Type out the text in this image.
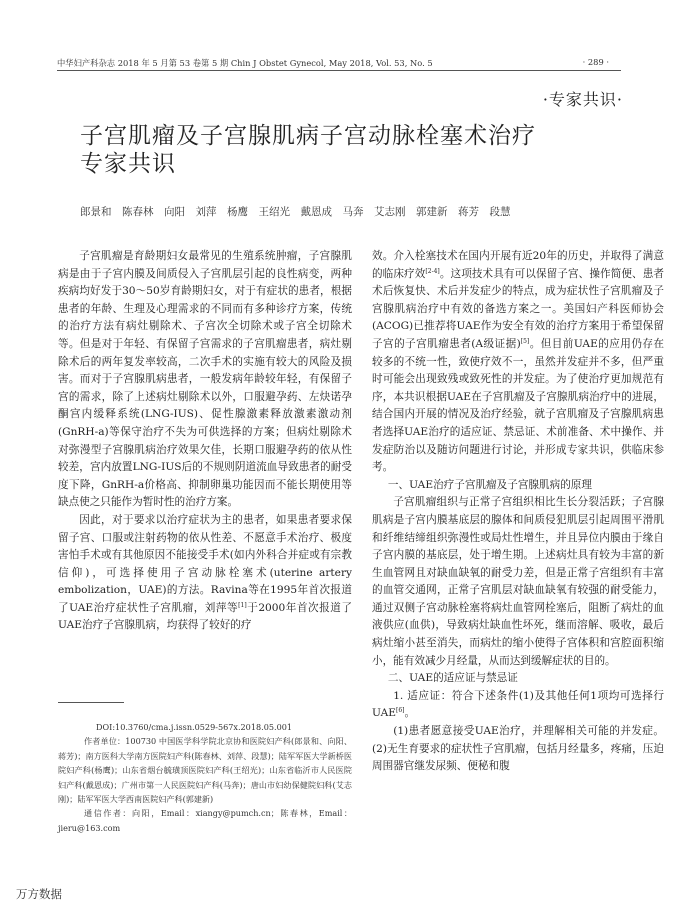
中华妇产科杂志 2018 年 5 月第 53 卷第 5 期 Chin J Obstet Gynecol, May 2018, Vol. 53, No. 5	· 289 ·
·专家共识·
子宫肌瘤及子宫腺肌病子宫动脉栓塞术治疗专家共识

郎景和　陈春林　向阳　刘萍　杨鹰　王绍光　戴恩成　马奔　艾志刚　郭建新　蒋芳　段慧

子宫肌瘤是育龄期妇女最常见的生殖系统肿瘤，子宫腺肌病是由于子宫内膜及间质侵入子宫肌层引起的良性病变，两种疾病均好发于30～50岁育龄期妇女，对于有症状的患者，根据患者的年龄、生理及心理需求的不同而有多种诊疗方案，传统的治疗方法有病灶剔除术、子宫次全切除术或子宫全切除术等。但是对于年轻、有保留子宫需求的子宫肌瘤患者，病灶剔除术后的两年复发率较高，二次手术的实施有较大的风险及损害。而对于子宫腺肌病患者，一般发病年龄较年轻，有保留子宫的需求，除了上述病灶剔除术以外，口服避孕药、左炔诺孕酮宫内缓释系统(LNG-IUS)、促性腺激素释放激素激动剂(GnRH-a)等保守治疗不失为可供选择的方案；但病灶剔除术对弥漫型子宫腺肌病治疗效果欠佳，长期口服避孕药的依从性较差，宫内放置LNG-IUS后的不规则阴道流血导致患者的耐受度下降，GnRH-a价格高、抑制卵巢功能因而不能长期使用等缺点使之只能作为暂时性的治疗方案。

因此，对于要求以治疗症状为主的患者，如果患者要求保留子宫、口服或注射药物的依从性差、不愿意手术治疗、极度害怕手术或有其他原因不能接受手术(如内外科合并症或有宗教信仰)，可选择使用子宫动脉栓塞术(uterine artery embolization，UAE)的方法。Ravina等在1995年首次报道了UAE治疗症状性子宫肌瘤，刘萍等[1]于2000年首次报道了UAE治疗子宫腺肌病，均获得了较好的疗

DOI:10.3760/cma.j.issn.0529-567x.2018.05.001

作者单位：100730 中国医学科学院北京协和医院妇产科(郎景和、向阳、蒋芳)；南方医科大学南方医院妇产科(陈春林、刘萍、段慧)；陆军军医大学新桥医院妇产科(杨鹰)；山东省烟台毓璜顶医院妇产科(王绍光)；山东省临沂市人民医院妇产科(戴恩成)；广州市第一人民医院妇产科(马奔)；唐山市妇幼保健院妇科(艾志刚)；陆军军医大学西南医院妇产科(郭建新)

通信作者：向阳，Email：xiangy@pumch.cn；陈春林，Email：jieru@163.com

效。介入栓塞技术在国内开展有近20年的历史，并取得了满意的临床疗效[2-4]。这项技术具有可以保留子宫、操作简便、患者术后恢复快、术后并发症少的特点，成为症状性子宫肌瘤及子宫腺肌病治疗中有效的备选方案之一。美国妇产科医师协会(ACOG)已推荐将UAE作为安全有效的治疗方案用于希望保留子宫的子宫肌瘤患者(A级证据)[5]。但目前UAE的应用仍存在较多的不统一性，致使疗效不一，虽然并发症并不多，但严重时可能会出现致残或致死性的并发症。为了使治疗更加规范有序，本共识根据UAE在子宫肌瘤及子宫腺肌病治疗中的进展，结合国内开展的情况及治疗经验，就子宫肌瘤及子宫腺肌病患者选择UAE治疗的适应证、禁忌证、术前准备、术中操作、并发症防治以及随访问题进行讨论，并形成专家共识，供临床参考。

一、UAE治疗子宫肌瘤及子宫腺肌病的原理

子宫肌瘤组织与正常子宫组织相比生长分裂活跃；子宫腺肌病是子宫内膜基底层的腺体和间质侵犯肌层引起周围平滑肌和纤维结缔组织弥漫性或局灶性增生，并且异位内膜由于缘自子宫内膜的基底层，处于增生期。上述病灶具有较为丰富的新生血管网且对缺血缺氧的耐受力差，但是正常子宫组织有丰富的血管交通网，正常子宫肌层对缺血缺氧有较强的耐受能力，通过双侧子宫动脉栓塞将病灶血管网栓塞后，阻断了病灶的血液供应(血供)，导致病灶缺血性坏死，继而溶解、吸收，最后病灶缩小甚至消失，而病灶的缩小使得子宫体积和宫腔面积缩小，能有效减少月经量，从而达到缓解症状的目的。

二、UAE的适应证与禁忌证

1. 适应证：符合下述条件(1)及其他任何1项均可选择行UAE[6]。

(1)患者愿意接受UAE治疗，并理解相关可能的并发症。(2)无生育要求的症状性子宫肌瘤，包括月经量多，疼痛，压迫周围器官继发尿频、便秘和腹

万方数据
